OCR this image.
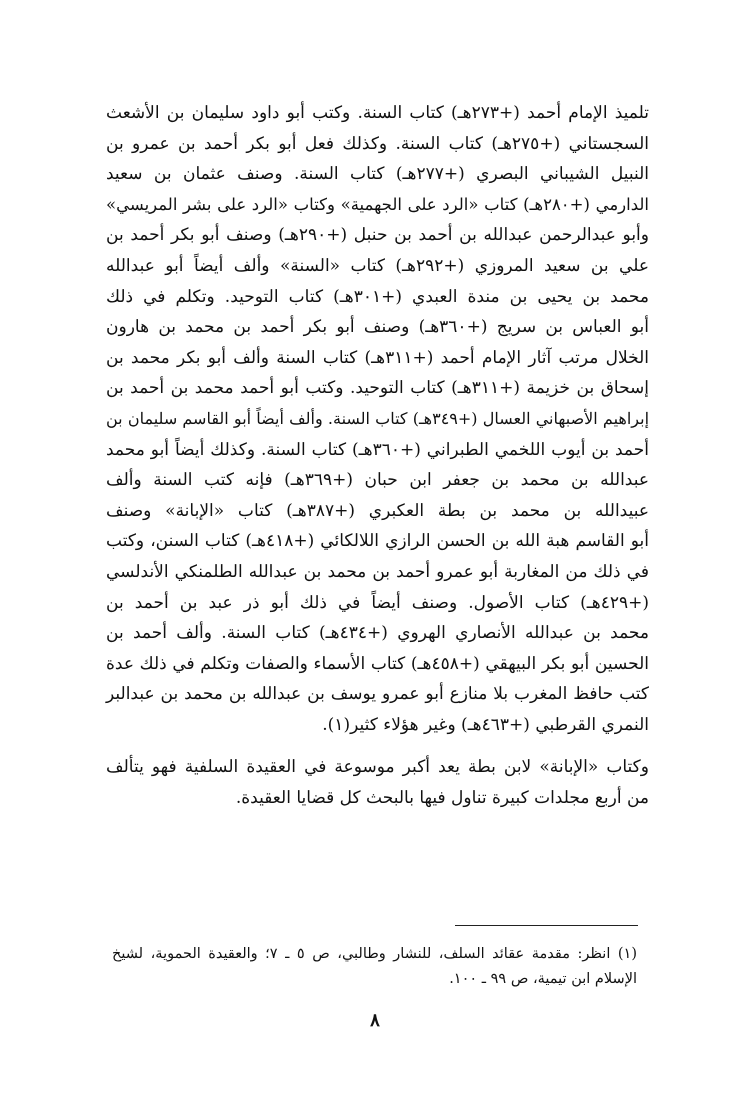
تلميذ الإمام أحمد (+٢٧٣هـ) كتاب السنة. وكتب أبو داود سليمان بن الأشعث
السجستاني (+٢٧٥هـ) كتاب السنة. وكذلك فعل أبو بكر أحمد بن عمرو بن
النبيل الشيباني البصري (+٢٧٧هـ) كتاب السنة. وصنف عثمان بن سعيد
الدارمي (+٢٨٠هـ) كتاب «الرد على الجهمية» وكتاب «الرد على بشر المريسي»
وأبو عبدالرحمن عبدالله بن أحمد بن حنبل (+٢٩٠هـ) وصنف أبو بكر أحمد بن
علي بن سعيد المروزي (+٢٩٢هـ) كتاب «السنة» وألف أيضاً أبو عبدالله
محمد بن يحيى بن مندة العبدي (+٣٠١هـ) كتاب التوحيد. وتكلم في ذلك
أبو العباس بن سريج (+٣٦٠هـ) وصنف أبو بكر أحمد بن محمد بن هارون
الخلال مرتب آثار الإمام أحمد (+٣١١هـ) كتاب السنة وألف أبو بكر محمد بن
إسحاق بن خزيمة (+٣١١هـ) كتاب التوحيد. وكتب أبو أحمد محمد بن أحمد بن
إبراهيم الأصبهاني العسال (+٣٤٩هـ) كتاب السنة. وألف أيضاً أبو القاسم سليمان بن
أحمد بن أيوب اللخمي الطبراني (+٣٦٠هـ) كتاب السنة. وكذلك أيضاً أبو محمد
عبدالله بن محمد بن جعفر ابن حبان (+٣٦٩هـ) فإنه كتب السنة وألف
عبيدالله بن محمد بن بطة العكبري (+٣٨٧هـ) كتاب «الإبانة» وصنف
أبو القاسم هبة الله بن الحسن الرازي اللالكائي (+٤١٨هـ) كتاب السنن، وكتب
في ذلك من المغاربة أبو عمرو أحمد بن محمد بن عبدالله الطلمنكي الأندلسي
(+٤٢٩هـ) كتاب الأصول. وصنف أيضاً في ذلك أبو ذر عبد بن أحمد بن
محمد بن عبدالله الأنصاري الهروي (+٤٣٤هـ) كتاب السنة. وألف أحمد بن
الحسين أبو بكر البيهقي (+٤٥٨هـ) كتاب الأسماء والصفات وتكلم في ذلك عدة
كتب حافظ المغرب بلا منازع أبو عمرو يوسف بن عبدالله بن محمد بن عبدالبر
النمري القرطبي (+٤٦٣هـ) وغير هؤلاء كثير(١).
وكتاب «الإبانة» لابن بطة يعد أكبر موسوعة في العقيدة السلفية فهو يتألف
من أربع مجلدات كبيرة تناول فيها بالبحث كل قضايا العقيدة.
(١) انظر: مقدمة عقائد السلف، للنشار وطالبي، ص ٥ ـ ٧؛ والعقيدة الحموية، لشيخ
الإسلام ابن تيمية، ص ٩٩ ـ ١٠٠.
٨
